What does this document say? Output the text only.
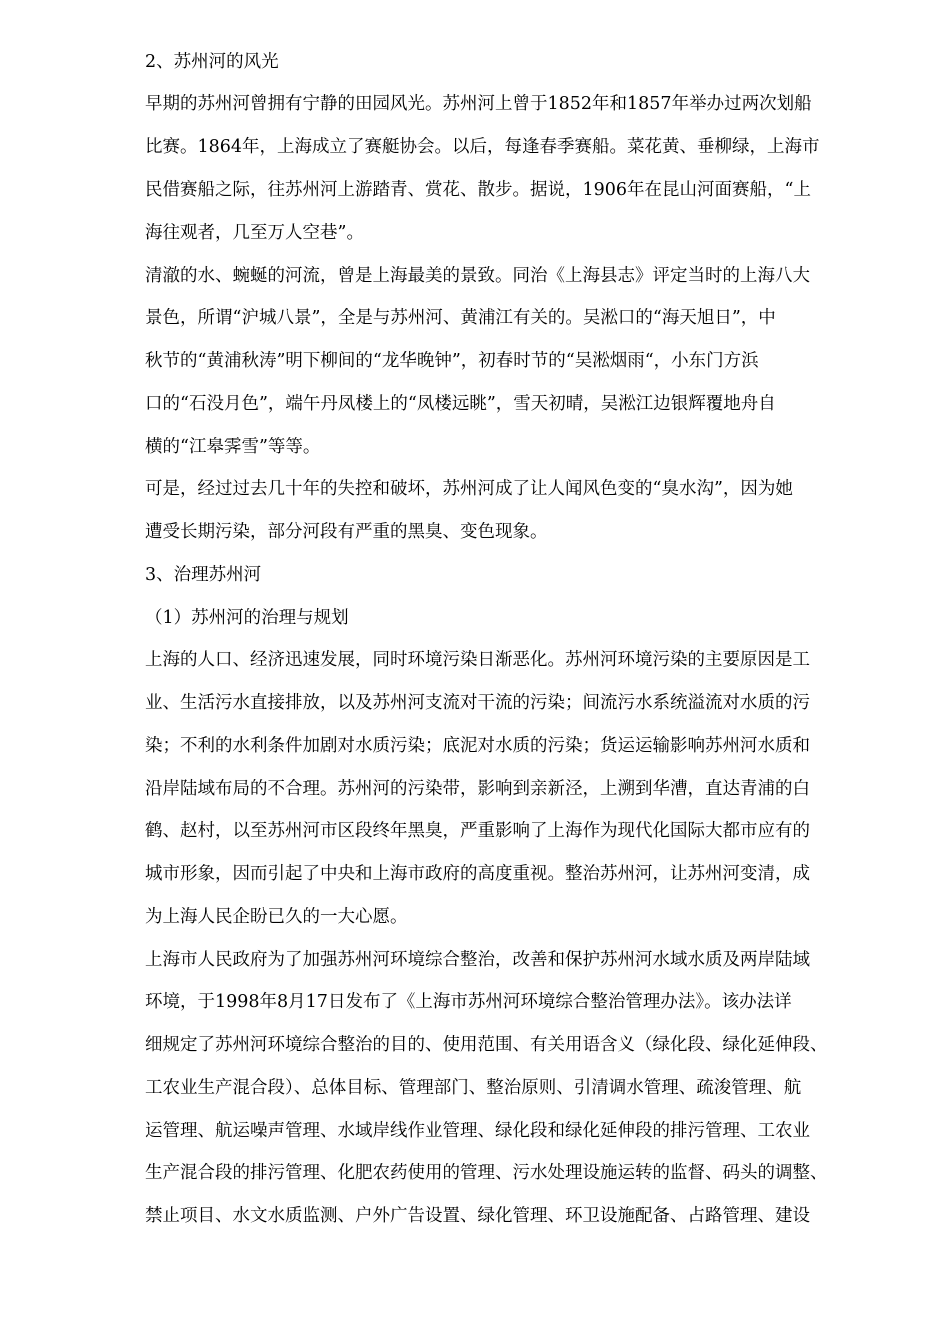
2、苏州河的风光
早期的苏州河曾拥有宁静的田园风光。苏州河上曾于1852年和1857年举办过两次划船
比赛。1864年，上海成立了赛艇协会。以后，每逢春季赛船。菜花黄、垂柳绿，上海市
民借赛船之际，往苏州河上游踏青、赏花、散步。据说，1906年在昆山河面赛船，“上
海往观者，几至万人空巷”。
清澈的水、蜿蜒的河流，曾是上海最美的景致。同治《上海县志》评定当时的上海八大
景色，所谓“沪城八景”，全是与苏州河、黄浦江有关的。吴淞口的“海天旭日”，中
秋节的“黄浦秋涛”明下柳间的“龙华晚钟”，初春时节的“吴淞烟雨“，小东门方浜
口的“石没月色”，端午丹凤楼上的“凤楼远眺”，雪天初晴，吴淞江边银辉覆地舟自
横的“江皋霁雪”等等。
可是，经过过去几十年的失控和破坏，苏州河成了让人闻风色变的“臭水沟”，因为她
遭受长期污染，部分河段有严重的黑臭、变色现象。
3、治理苏州河
（1）苏州河的治理与规划
上海的人口、经济迅速发展，同时环境污染日渐恶化。苏州河环境污染的主要原因是工
业、生活污水直接排放，以及苏州河支流对干流的污染；间流污水系统溢流对水质的污
染；不利的水利条件加剧对水质污染；底泥对水质的污染；货运运输影响苏州河水质和
沿岸陆域布局的不合理。苏州河的污染带，影响到亲新泾，上溯到华漕，直达青浦的白
鹤、赵村，以至苏州河市区段终年黑臭，严重影响了上海作为现代化国际大都市应有的
城市形象，因而引起了中央和上海市政府的高度重视。整治苏州河，让苏州河变清，成
为上海人民企盼已久的一大心愿。
上海市人民政府为了加强苏州河环境综合整治，改善和保护苏州河水域水质及两岸陆域
环境，于1998年8月17日发布了《上海市苏州河环境综合整治管理办法》。该办法详
细规定了苏州河环境综合整治的目的、使用范围、有关用语含义（绿化段、绿化延伸段、
工农业生产混合段）、总体目标、管理部门、整治原则、引清调水管理、疏浚管理、航
运管理、航运噪声管理、水域岸线作业管理、绿化段和绿化延伸段的排污管理、工农业
生产混合段的排污管理、化肥农药使用的管理、污水处理设施运转的监督、码头的调整、
禁止项目、水文水质监测、户外广告设置、绿化管理、环卫设施配备、占路管理、建设
